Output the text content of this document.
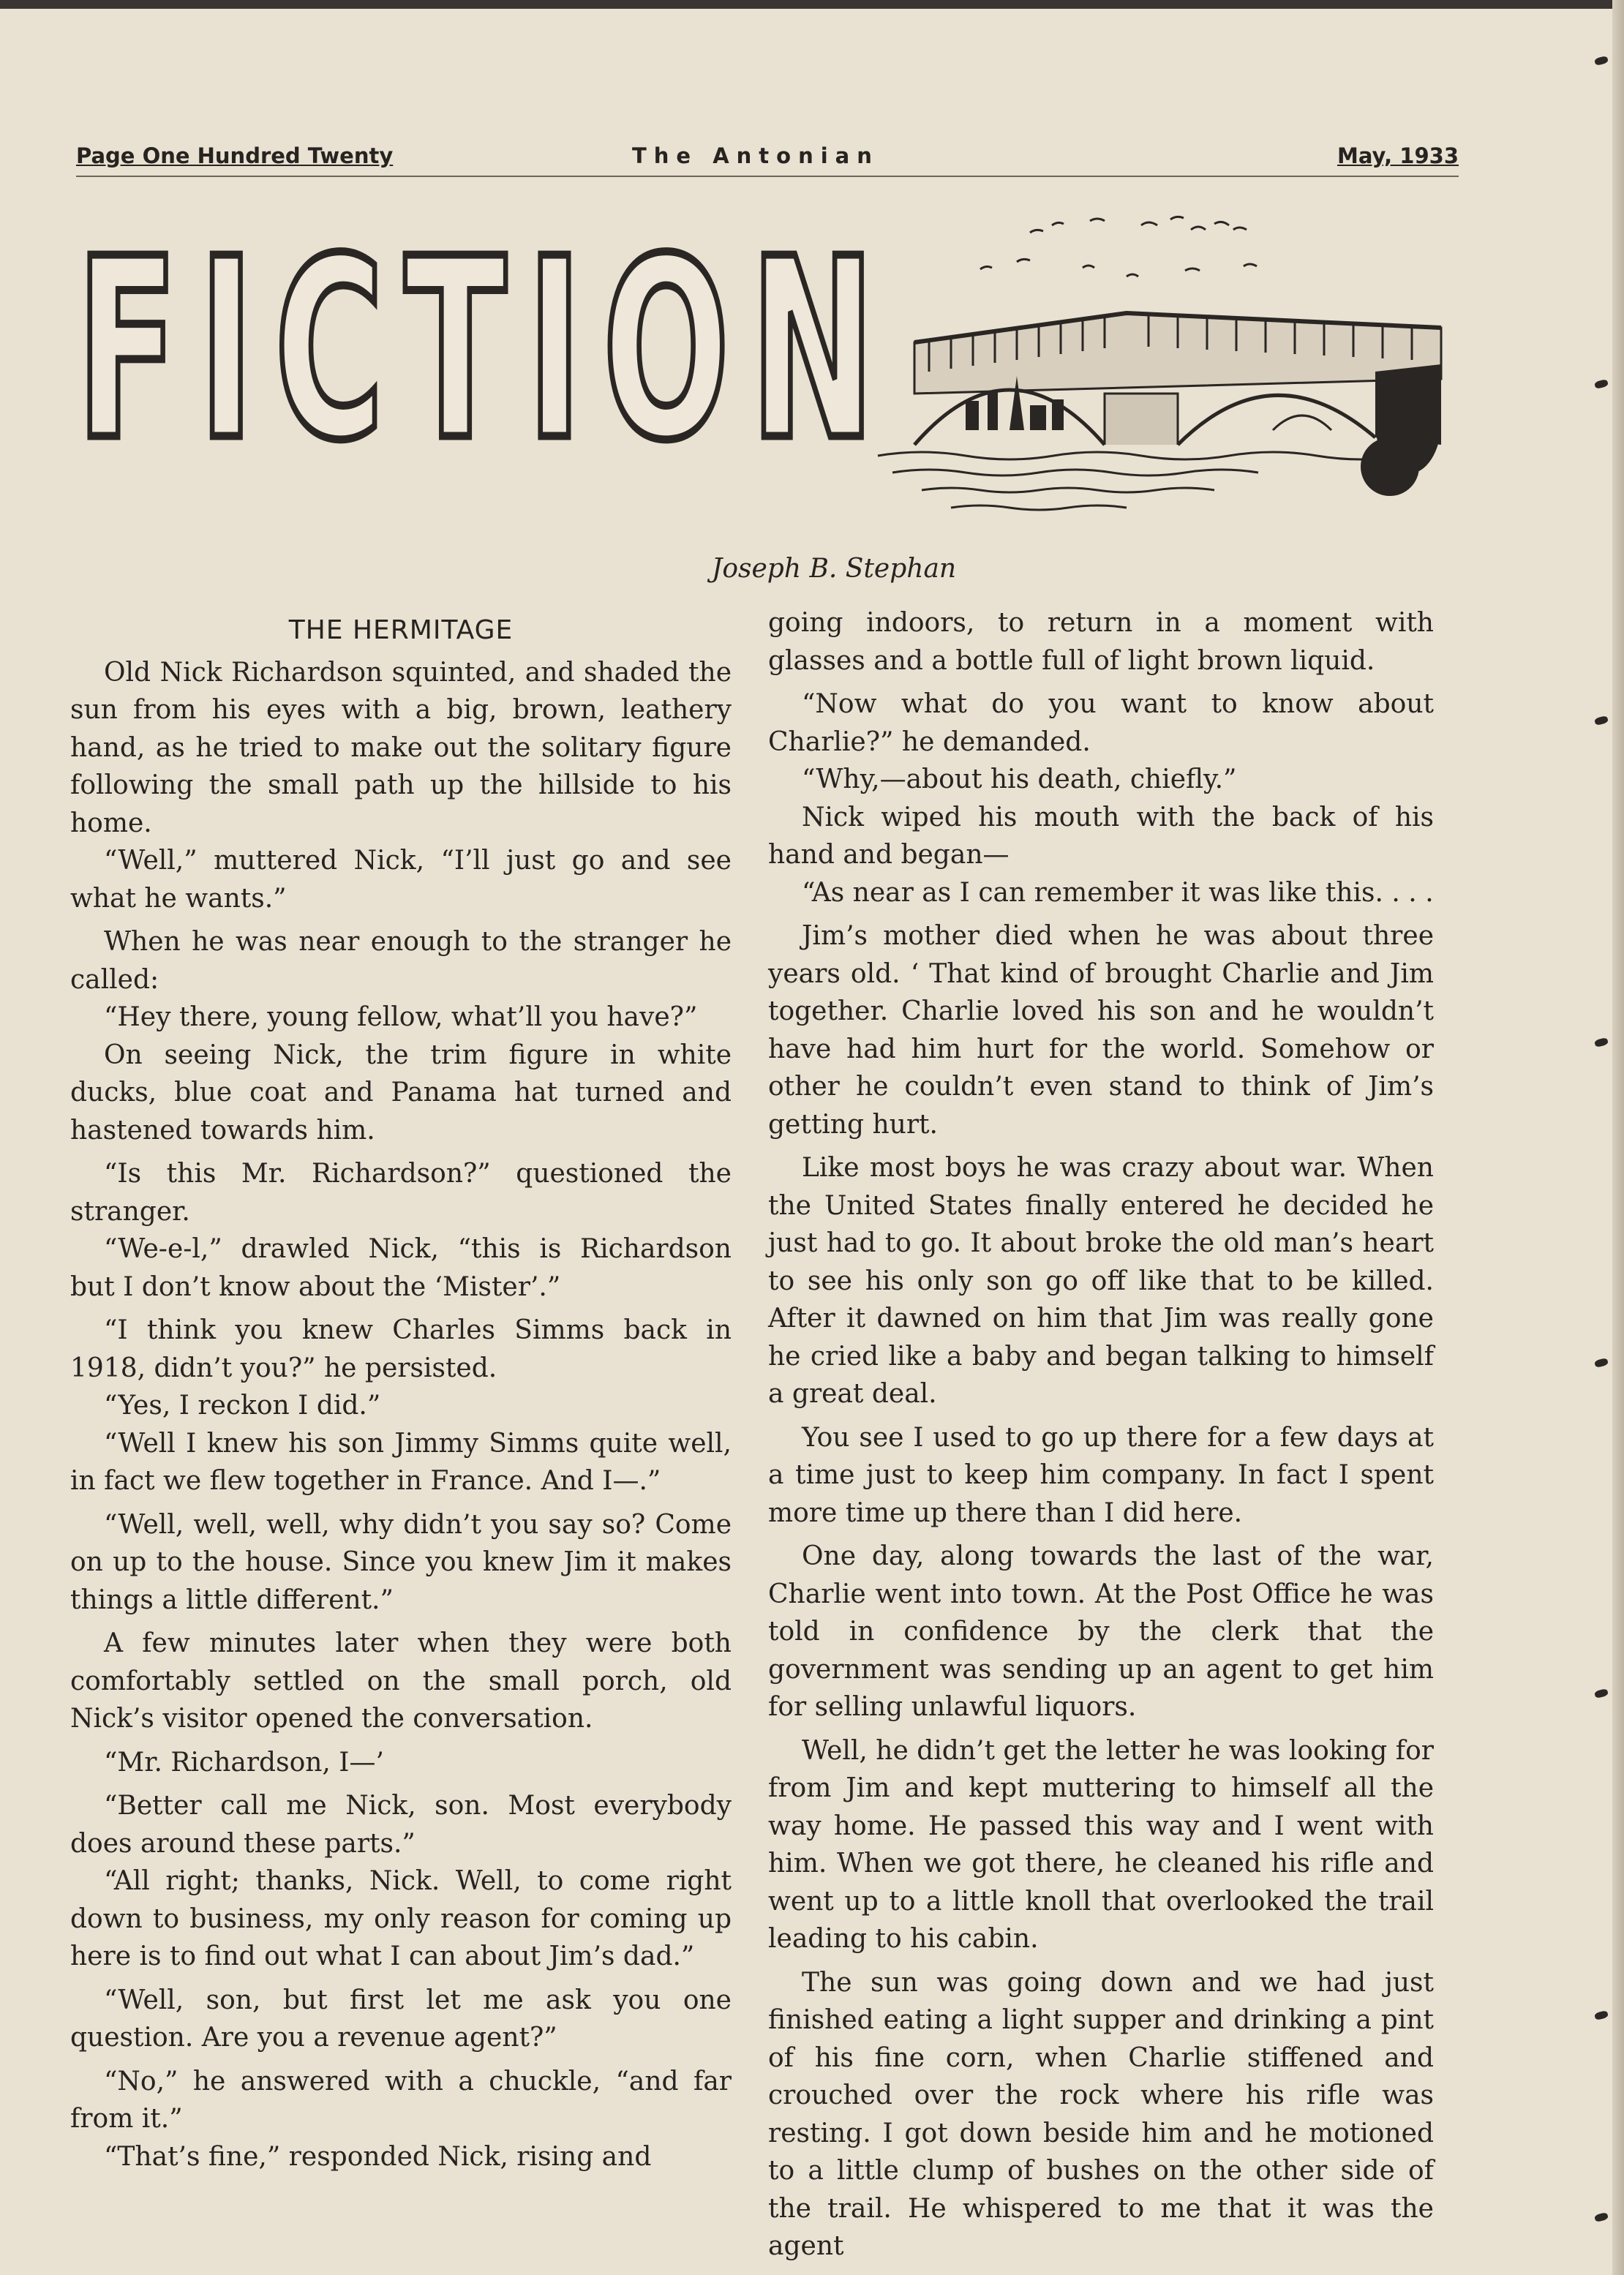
Page One Hundred Twenty	The Antonian	May, 1933
FICTION
Joseph B. Stephan
THE HERMITAGE

Old Nick Richardson squinted, and shaded the sun from his eyes with a big, brown, leathery hand, as he tried to make out the solitary figure following the small path up the hillside to his home.

“Well,” muttered Nick, “I’ll just go and see what he wants.”

When he was near enough to the stranger he called:

“Hey there, young fellow, what’ll you have?”

On seeing Nick, the trim figure in white ducks, blue coat and Panama hat turned and hastened towards him.

“Is this Mr. Richardson?” questioned the stranger.

“We-e-l,” drawled Nick, “this is Richardson but I don’t know about the ‘Mister’.”

“I think you knew Charles Simms back in 1918, didn’t you?” he persisted.

“Yes, I reckon I did.”

“Well I knew his son Jimmy Simms quite well, in fact we flew together in France. And I—.”

“Well, well, well, why didn’t you say so? Come on up to the house. Since you knew Jim it makes things a little different.”

A few minutes later when they were both comfortably settled on the small porch, old Nick’s visitor opened the conversation.

“Mr. Richardson, I—’

“Better call me Nick, son. Most everybody does around these parts.”

“All right; thanks, Nick. Well, to come right down to business, my only reason for coming up here is to find out what I can about Jim’s dad.”

“Well, son, but first let me ask you one question. Are you a revenue agent?”

“No,” he answered with a chuckle, “and far from it.”

“That’s fine,” responded Nick, rising and

going indoors, to return in a moment with glasses and a bottle full of light brown liquid.

“Now what do you want to know about Charlie?” he demanded.

“Why,—about his death, chiefly.”

Nick wiped his mouth with the back of his hand and began—

“As near as I can remember it was like this. . . .

Jim’s mother died when he was about three years old. ‘ That kind of brought Charlie and Jim together. Charlie loved his son and he wouldn’t have had him hurt for the world. Somehow or other he couldn’t even stand to think of Jim’s getting hurt.

Like most boys he was crazy about war. When the United States finally entered he decided he just had to go. It about broke the old man’s heart to see his only son go off like that to be killed. After it dawned on him that Jim was really gone he cried like a baby and began talking to himself a great deal.

You see I used to go up there for a few days at a time just to keep him company. In fact I spent more time up there than I did here.

One day, along towards the last of the war, Charlie went into town. At the Post Office he was told in confidence by the clerk that the government was sending up an agent to get him for selling unlawful liquors.

Well, he didn’t get the letter he was looking for from Jim and kept muttering to himself all the way home. He passed this way and I went with him. When we got there, he cleaned his rifle and went up to a little knoll that overlooked the trail leading to his cabin.

The sun was going down and we had just finished eating a light supper and drinking a pint of his fine corn, when Charlie stiffened and crouched over the rock where his rifle was resting. I got down beside him and he motioned to a little clump of bushes on the other side of the trail. He whispered to me that it was the agent
